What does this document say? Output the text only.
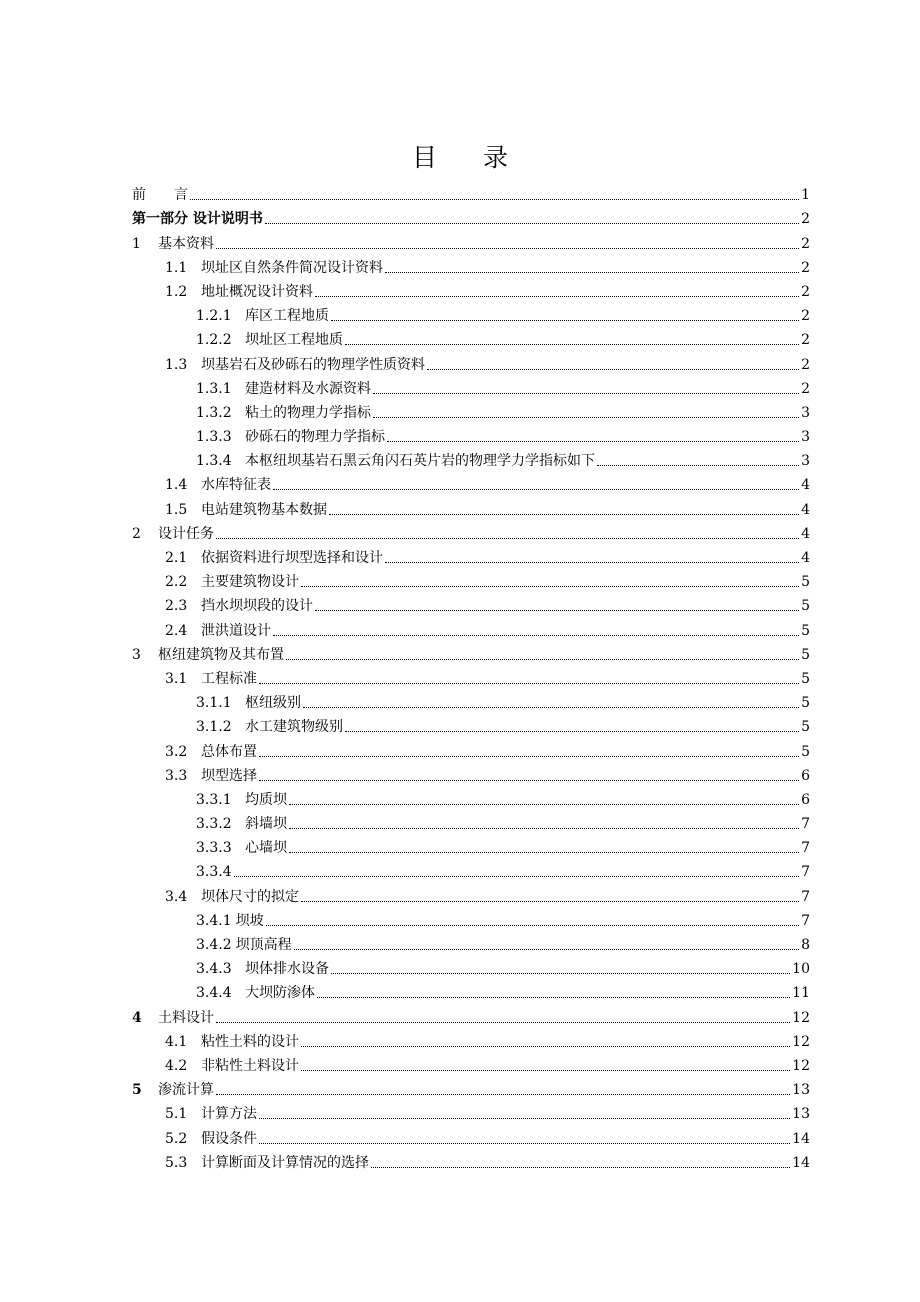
目 录
前　　言	1
第一部分 设计说明书	2
1	基本资料	2
1.1 坝址区自然条件简况设计资料	2
1.2 地址概况设计资料	2
1.2.1 库区工程地质	2
1.2.2 坝址区工程地质	2
1.3 坝基岩石及砂砾石的物理学性质资料	2
1.3.1 建造材料及水源资料	2
1.3.2 粘土的物理力学指标	3
1.3.3 砂砾石的物理力学指标	3
1.3.4 本枢纽坝基岩石黑云角闪石英片岩的物理学力学指标如下	3
1.4 水库特征表	4
1.5 电站建筑物基本数据	4
2	设计任务	4
2.1 依据资料进行坝型选择和设计	4
2.2 主要建筑物设计	5
2.3 挡水坝坝段的设计	5
2.4 泄洪道设计	5
3	枢纽建筑物及其布置	5
3.1 工程标准	5
3.1.1 枢纽级别	5
3.1.2 水工建筑物级别	5
3.2 总体布置	5
3.3 坝型选择	6
3.3.1 均质坝	6
3.3.2 斜墙坝	7
3.3.3 心墙坝	7
3.3.4	7
3.4 坝体尺寸的拟定	7
3.4.1 坝坡	7
3.4.2 坝顶高程	8
3.4.3 坝体排水设备	10
3.4.4 大坝防渗体	11
4	土料设计	12
4.1 粘性土料的设计	12
4.2 非粘性土料设计	12
5	渗流计算	13
5.1 计算方法	13
5.2 假设条件	14
5.3 计算断面及计算情况的选择	14
